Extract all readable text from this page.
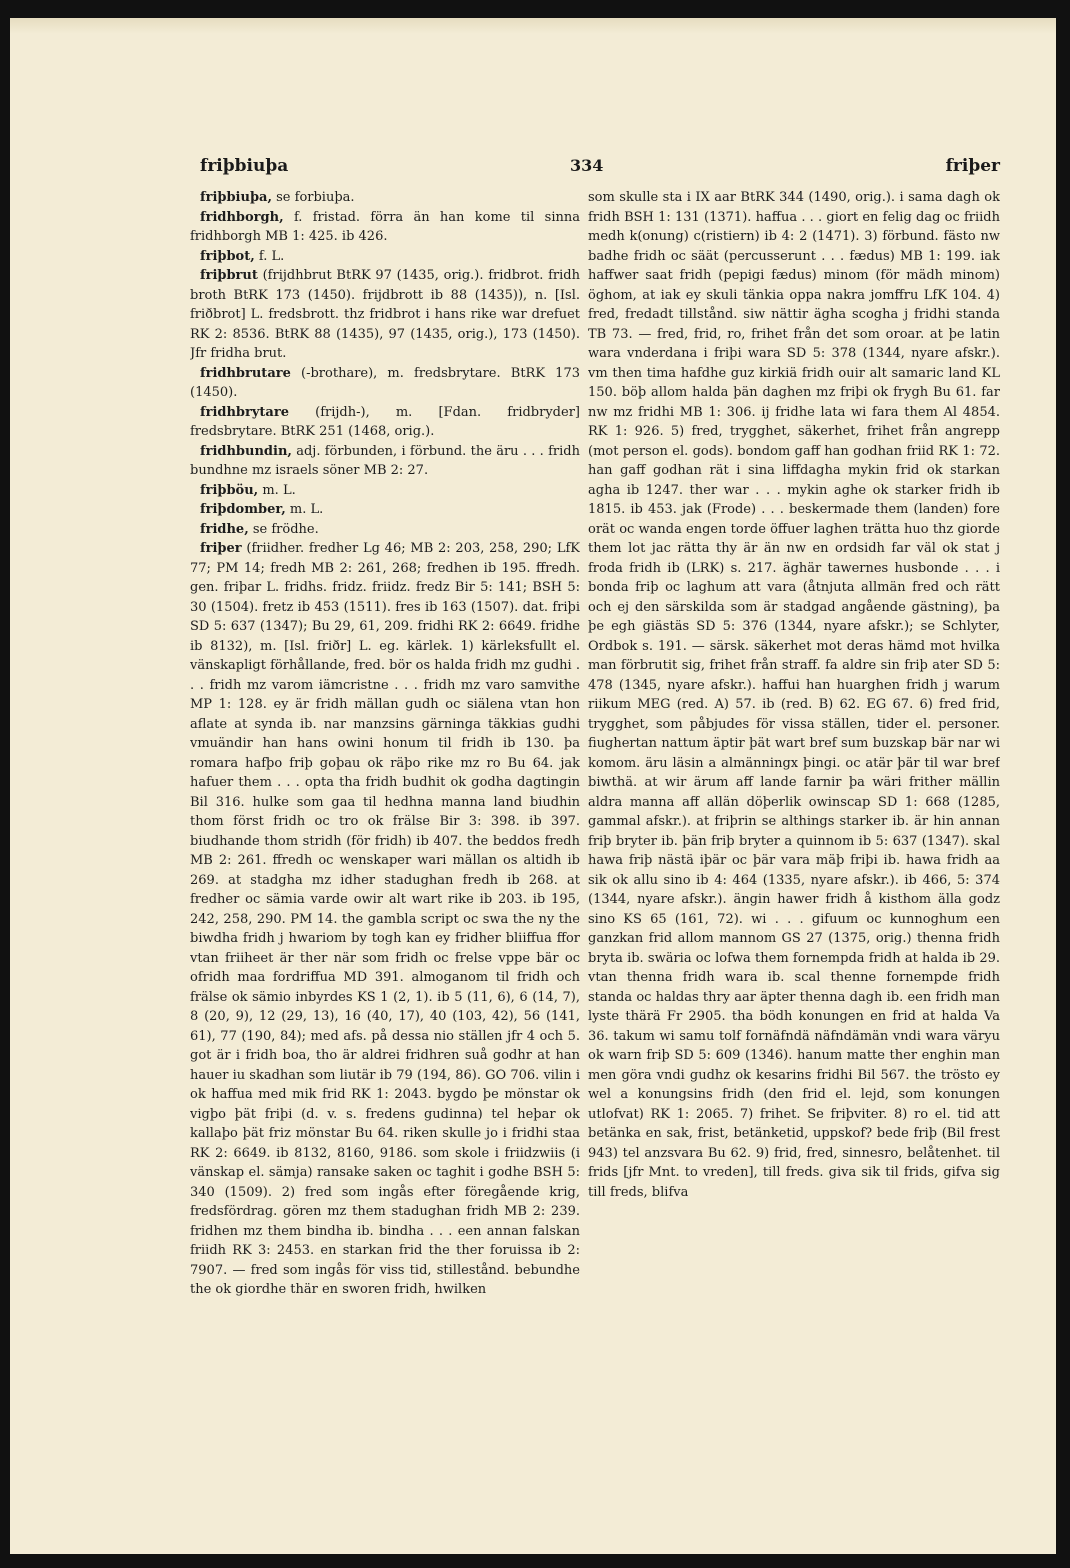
friþbiuþa	334	friþer

friþbiuþa, se forbiuþa.

fridhborgh, f. fristad. förra än han kome til sinna fridhborgh MB 1: 425. ib 426.

friþbot, f. L.

friþbrut (frijdhbrut BtRK 97 (1435, orig.). fridbrot. fridh broth BtRK 173 (1450). frijdbrott ib 88 (1435)), n. [Isl. friðbrot] L. fredsbrott. thz fridbrot i hans rike war drefuet RK 2: 8536. BtRK 88 (1435), 97 (1435, orig.), 173 (1450). Jfr fridha brut.

fridhbrutare (-brothare), m. fredsbrytare. BtRK 173 (1450).

fridhbrytare (frijdh-), m. [Fdan. fridbryder] fredsbrytare. BtRK 251 (1468, orig.).

fridhbundin, adj. förbunden, i förbund. the äru . . . fridh bundhne mz israels söner MB 2: 27.

friþböu, m. L.

friþdomber, m. L.

fridhe, se frödhe.

friþer (friidher. fredher Lg 46; MB 2: 203, 258, 290; LfK 77; PM 14; fredh MB 2: 261, 268; fredhen ib 195. ffredh. gen. friþar L. fridhs. fridz. friidz. fredz Bir 5: 141; BSH 5: 30 (1504). fretz ib 453 (1511). fres ib 163 (1507). dat. friþi SD 5: 637 (1347); Bu 29, 61, 209. fridhi RK 2: 6649. fridhe ib 8132), m. [Isl. friðr] L. eg. kärlek. 1) kärleksfullt el. vänskapligt förhållande, fred. bör os halda fridh mz gudhi . . . fridh mz varom iämcristne . . . fridh mz varo samvithe MP 1: 128. ey är fridh mällan gudh oc siälena vtan hon aflate at synda ib. nar manzsins gärninga täkkias gudhi vmuändir han hans owini honum til fridh ib 130. þa romara hafþo friþ goþau ok räþo rike mz ro Bu 64. jak hafuer them . . . opta tha fridh budhit ok godha dagtingin Bil 316. hulke som gaa til hedhna manna land biudhin thom först fridh oc tro ok frälse Bir 3: 398. ib 397. biudhande thom stridh (för fridh) ib 407. the beddos fredh MB 2: 261. ffredh oc wenskaper wari mällan os altidh ib 269. at stadgha mz idher stadughan fredh ib 268. at fredher oc sämia varde owir alt wart rike ib 203. ib 195, 242, 258, 290. PM 14. the gambla script oc swa the ny the biwdha fridh j hwariom by togh kan ey fridher bliiffua ffor vtan friiheet är ther när som fridh oc frelse vppe bär oc ofridh maa fordriffua MD 391. almoganom til fridh och frälse ok sämio inbyrdes KS 1 (2, 1). ib 5 (11, 6), 6 (14, 7), 8 (20, 9), 12 (29, 13), 16 (40, 17), 40 (103, 42), 56 (141, 61), 77 (190, 84); med afs. på dessa nio ställen jfr 4 och 5. got är i fridh boa, tho är aldrei fridhren suå godhr at han hauer iu skadhan som liutär ib 79 (194, 86). GO 706. vilin i ok haffua med mik frid RK 1: 2043. bygdo þe mönstar ok vigþo þät friþi (d. v. s. fredens gudinna) tel heþar ok kallaþo þät friz mönstar Bu 64. riken skulle jo i fridhi staa RK 2: 6649. ib 8132, 8160, 9186. som skole i friidzwiis (i vänskap el. sämja) ransake saken oc taghit i godhe BSH 5: 340 (1509). 2) fred som ingås efter föregående krig, fredsfördrag. gören mz them stadughan fridh MB 2: 239. fridhen mz them bindha ib. bindha . . . een annan falskan friidh RK 3: 2453. en starkan frid the ther foruissa ib 2: 7907. — fred som ingås för viss tid, stillestånd. bebundhe the ok giordhe thär en sworen fridh, hwilken

som skulle sta i IX aar BtRK 344 (1490, orig.). i sama dagh ok fridh BSH 1: 131 (1371). haffua . . . giort en felig dag oc friidh medh k(onung) c(ristiern) ib 4: 2 (1471). 3) förbund. fästo nw badhe fridh oc säät (percusserunt . . . fædus) MB 1: 199. iak haffwer saat fridh (pepigi fædus) minom (för mädh minom) öghom, at iak ey skuli tänkia oppa nakra jomffru LfK 104. 4) fred, fredadt tillstånd. siw nättir ägha scogha j fridhi standa TB 73. — fred, frid, ro, frihet från det som oroar. at þe latin wara vnderdana i friþi wara SD 5: 378 (1344, nyare afskr.). vm then tima hafdhe guz kirkiä fridh ouir alt samaric land KL 150. böþ allom halda þän daghen mz friþi ok frygh Bu 61. far nw mz fridhi MB 1: 306. ij fridhe lata wi fara them Al 4854. RK 1: 926. 5) fred, trygghet, säkerhet, frihet från angrepp (mot person el. gods). bondom gaff han godhan friid RK 1: 72. han gaff godhan rät i sina liffdagha mykin frid ok starkan agha ib 1247. ther war . . . mykin aghe ok starker fridh ib 1815. ib 453. jak (Frode) . . . beskermade them (landen) fore orät oc wanda engen torde öffuer laghen trätta huo thz giorde them lot jac rätta thy är än nw en ordsidh far väl ok stat j froda fridh ib (LRK) s. 217. äghär tawernes husbonde . . . i bonda friþ oc laghum att vara (åtnjuta allmän fred och rätt och ej den särskilda som är stadgad angående gästning), þa þe egh giästäs SD 5: 376 (1344, nyare afskr.); se Schlyter, Ordbok s. 191. — särsk. säkerhet mot deras hämd mot hvilka man förbrutit sig, frihet från straff. fa aldre sin friþ ater SD 5: 478 (1345, nyare afskr.). haffui han huarghen fridh j warum riikum MEG (red. A) 57. ib (red. B) 62. EG 67. 6) fred frid, trygghet, som påbjudes för vissa ställen, tider el. personer. fiughertan nattum äptir þät wart bref sum buzskap bär nar wi komom. äru läsin a almänningx þingi. oc atär þär til war bref biwthä. at wir ärum aff lande farnir þa wäri frither mällin aldra manna aff allän döþerlik owinscap SD 1: 668 (1285, gammal afskr.). at friþrin se althings starker ib. är hin annan friþ bryter ib. þän friþ bryter a quinnom ib 5: 637 (1347). skal hawa friþ nästä iþär oc þär vara mäþ friþi ib. hawa fridh aa sik ok allu sino ib 4: 464 (1335, nyare afskr.). ib 466, 5: 374 (1344, nyare afskr.). ängin hawer fridh å kisthom älla godz sino KS 65 (161, 72). wi . . . gifuum oc kunnoghum een ganzkan frid allom mannom GS 27 (1375, orig.) thenna fridh bryta ib. swäria oc lofwa them fornempda fridh at halda ib 29. vtan thenna fridh wara ib. scal thenne fornempde fridh standa oc haldas thry aar äpter thenna dagh ib. een fridh man lyste thärä Fr 2905. tha bödh konungen en frid at halda Va 36. takum wi samu tolf fornäfndä näfndämän vndi wara väryu ok warn friþ SD 5: 609 (1346). hanum matte ther enghin man men göra vndi gudhz ok kesarins fridhi Bil 567. the trösto ey wel a konungsins fridh (den frid el. lejd, som konungen utlofvat) RK 1: 2065. 7) frihet. Se friþviter. 8) ro el. tid att betänka en sak, frist, betänketid, uppskof? bede friþ (Bil frest 943) tel anzsvara Bu 62. 9) frid, fred, sinnesro, belåtenhet. til frids [jfr Mnt. to vreden], till freds. giva sik til frids, gifva sig till freds, blifva
